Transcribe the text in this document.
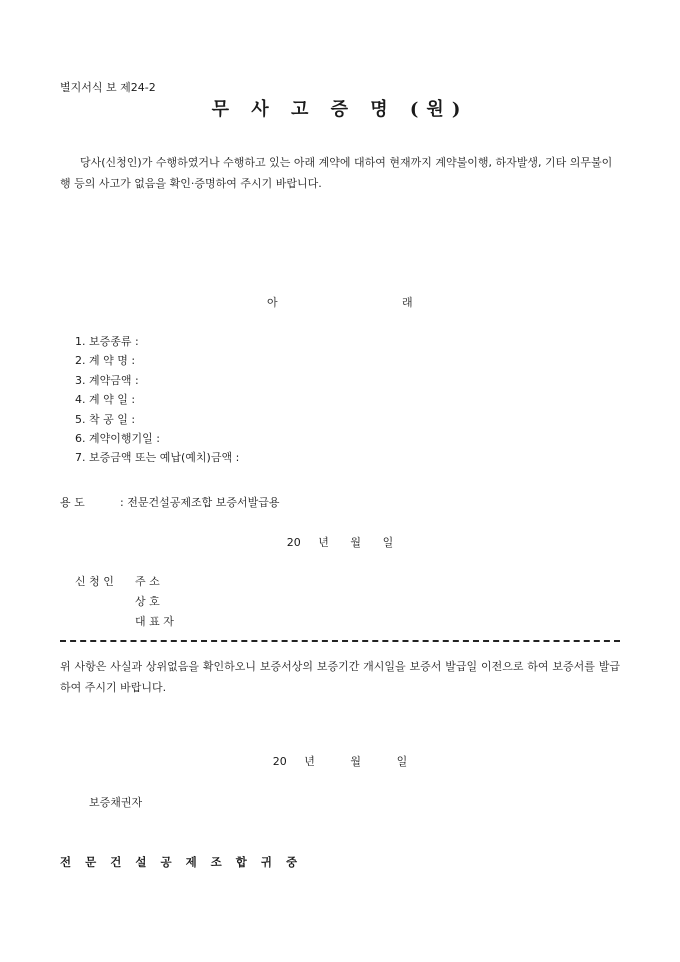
별지서식 보 제24-2
무 사 고 증 명 (원)
당사(신청인)가 수행하였거나 수행하고 있는 아래 계약에 대하여 현재까지 계약불이행, 하자발생, 기타 의무불이행 등의 사고가 없음을 확인·증명하여 주시기 바랍니다.
아	래
1. 보증종류 :
2. 계 약 명 :
3. 계약금액 :
4. 계 약 일 :
5. 착 공 일 :
6. 계약이행기일 :
7. 보증금액 또는 예납(예치)금액 :
용 도	: 전문건설공제조합 보증서발급용
20 년 월 일
신 청 인 주 소
상 호
대 표 자
위 사항은 사실과 상위없음을 확인하오니 보증서상의 보증기간 개시일을 보증서 발급일 이전으로 하여 보증서를 발급하여 주시기 바랍니다.
20 년	월	일
보증채권자
전 문 건 설 공 제 조 합 귀 중
